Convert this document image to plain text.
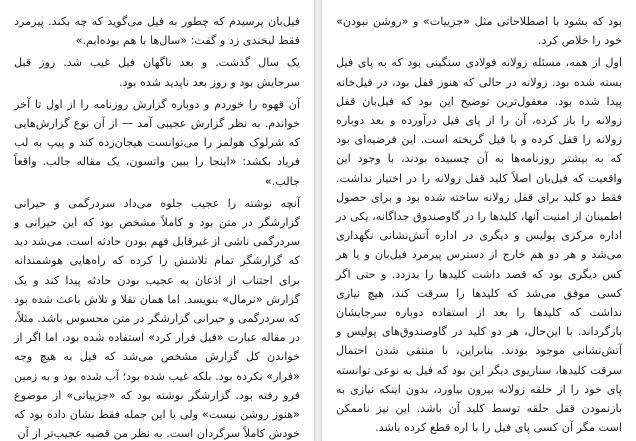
فیل‌بان پرسیدم که چطور به فیل می‌گوید که چه بکند. پیرمرد فقط لبخندی زد و گفت: «سال‌ها با هم بوده‌ایم.»

یک سال گذشت. و بعد ناگهان فیل غیب شد. روز قبل سرجایش بود و روز بعد ناپدید شده بود.

آن قهوه را خوردم و دوباره گزارش روزنامه را از اول تا آخر خواندم. به نظر گزارش عجیبی آمد — از آن نوع گزارش‌هایی که شرلوک هولمز را می‌توانست هیجان‌زده کند و پیپ به لب فریاد بکشد: «اینجا را ببین واتسون، یک مقاله جالب. واقعاً جالب.»

آنچه نوشته را عجیب جلوه می‌داد سردرگمی و حیرانی گزارشگر در متن بود و کاملاً مشخص بود که این حیرانی و سردرگمی ناشی از غیرقابل فهم بودن حادثه است. می‌شد دید که گزارشگر تمام تلاشش را کرده که راه‌هایی هوشمندانه برای اجتناب از اذعان به عجیب بودن حادثه پیدا کند و یک گزارش «نرمال» بنویسد. اما همان تقلا و تلاش باعث شده بود که سردرگمی و حیرانی گزارشگر در متن محسوس باشد. مثلاً، در مقاله عبارت «فیل فرار کرد» استفاده شده بود، اما اگر از خواندن کل گزارش مشخص می‌شد که فیل به هیچ وجه «فرار» نکرده بود. بلکه غیب شده بود؛ آب شده بود و به زمین فرو رفته بود. گزارشگر نوشته بود که «جزییاتی» از موضوع «هنوز روشن نیست» ولی با این جمله فقط نشان داده بود که خودش کاملاً سرگردان است. به نظر من قضیه عجیب‌تر از آن

بود که بشود با اصطلاحاتی مثل «جزییات» و «روشن نبودن» خود را خلاص کرد.

اول از همه، مسئله زولانه فولادی سنگینی بود که به پای فیل بسته شده بود. زولانه در حالی که هنوز قفل بود، در فیل‌خانه پیدا شده بود. معقول‌ترین توضیح این بود که فیل‌بان قفل زولانه را باز کرده، آن را از پای فیل درآورده و بعد دوباره زولانه را قفل کرده و با فیل گریخته است. این فرضیه‌ای بود که به بیشتر روزنامه‌ها به آن چسبیده بودند، با وجود این واقعیت که فیل‌بان اصلاً کلید قفل زولانه را در اختیار نداشت. فقط دو کلید برای قفل زولانه ساخته شده بود و برای حصول اطمینان از امنیت آنها، کلیدها را در گاوصندوق جداگانه، یکی در اداره مرکزی پولیس و دیگری در اداره آتش‌نشانی نگهداری می‌شد و هر دو هم خارج از دسترس پیرمرد فیل‌بان و یا هر کس دیگری بود که قصد داشت کلیدها را بدزدد. و حتی اگر کسی موفق می‌شد که کلیدها را سرقت کند، هیچ نیازی نداشت که کلیدها را بعد از استفاده دوباره سرجایشان بازگرداند. با این‌حال، هر دو کلید در گاوصندوق‌های پولیس و آتش‌نشانی موجود بودند. بنابراین، با منتفی شدن احتمال سرقت کلیدها، سناریوی دیگر این بود که فیل به‌ نوعی توانسته پای خود را از حلقه زولانه بیرون بیاورد، بدون اینکه نیازی به بازنمودن قفل حلقه توسط کلید آن باشد. این نیز ناممکن است مگر آن کسی پای فیل را با اره قطع کرده باشد.
